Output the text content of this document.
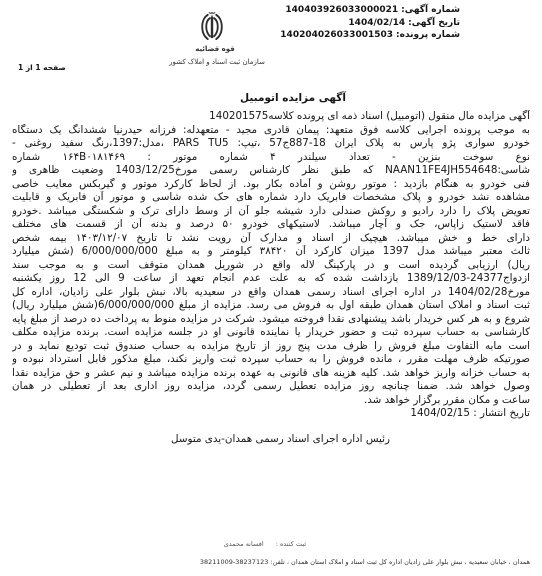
قوه قضائیه
سازمان ثبت اسناد و املاک کشور
شماره آگهی:140403926033000021
تاریخ آگهی:1404/02/14
شماره پرونده:140204026033001503
صفحه 1 از 1
آگهی مزایده اتومبیل
آگهی مزایده مال منقول (اتومبیل) اسناد ذمه ای پرونده کلاسه140201575
به موجب پرونده اجرایی کلاسه فوق متعهد: پیمان قادری مجید - متعهدله: فرزانه حیدرنیا ششدانگ یک دستگاه
خودرو سواری پژو پارس به پلاک ایران 18-887ج57 ،تیپ: PARS TU5 ،مدل:1397،رنگ سفید روغنی -
نوع سوخت بنزین - تعداد سیلندر ۴ شماره موتور : ۱۶۴B۰۱۸۱۴۶۹ شماره
شاسی:NAAN11FE4JH554648 که طبق نظر کارشناس رسمی مورخ1403/12/25 وضعیت ظاهری و
فنی خودرو به هنگام بازدید : موتور روشن و آماده بکار بود. از لحاظ کارکرد موتور و گیربکس معایب خاصی
مشاهده نشد خودرو و پلاک مشخصات فابریک دارد شماره های حک شده شاسی و موتور آن فابریک و قابلیت
تعویض پلاک را دارد رادیو و روکش صندلی دارد شیشه جلو آن از وسط دارای ترک و شکستگی میباشد .خودرو
فاقد لاستیک زاپاس، جک و آچار میباشد. لاستیکهای خودرو ۵۰ درصد و بدنه آن از قسمت های مختلف
دارای خط و خش میباشد. هیچیک از اسناد و مدارک آن رویت نشد تا تاریخ ۱۴۰۳/۱۲/۰۷ بیمه شخص
ثالث معتبر میباشد مدل 1397 میزان کارکرد آن ۳۸۴۲۰ کیلومتر و به مبلغ 6/000/000/000 (شش میلیارد
ریال) ارزیابی گردیده است و در پارکینگ لاله واقع در شوریل همدان متوقف است و به موجب سند
ازدواج24377-1389/12/03 بازداشت شده که به علت عدم انجام تعهد از ساعت 9 الی 12 روز یکشنبه
مورخ1404/02/28 در اداره اجرای اسناد رسمی همدان واقع در سعیدیه بالا، نبش بلوار علی زادیان، اداره کل
ثبت اسناد و املاک استان همدان طبقه اول به فروش می رسد. مزایده از مبلغ 6/000/000/000(شش میلیارد ریال)
شروع و به هر کس خریدار باشد پیشنهادی نقدا فروخته میشود. شرکت در مزایده منوط به پرداخت ده درصد از مبلغ پایه
کارشناسی به حساب سپرده ثبت و حضور خریدار یا نماینده قانونی او در جلسه مزایده است. برنده مزایده مکلف
است مابه التفاوت مبلغ فروش را ظرف مدت پنج روز از تاریخ مزایده به حساب صندوق ثبت تودیع نماید و در
صورتیکه ظرف مهلت مقرر ، مانده فروش را به حساب سپرده ثبت واریز نکند، مبلغ مذکور قابل استرداد نبوده و
به حساب خزانه واریز خواهد شد. کلیه هزینه های قانونی به عهده برنده مزایده میباشد و نیم عشر و حق مزایده نقدا
وصول خواهد شد. ضمنا چنانچه روز مزایده تعطیل رسمی گردد، مزایده روز اداری بعد از تعطیلی در همان
ساعت و مکان مقرر برگزار خواهد شد.
تاریخ انتشار : 1404/02/15
رئیس اداره اجرای اسناد رسمی همدان-یدی متوسل
ثبت کننده :افسانه محمدی
همدان ، خیابان سعیدیه ، نبش بلوار علی زادیان اداره کل ثبت اسناد و املاک استان همدان ، تلفن: 38237123-38211009
